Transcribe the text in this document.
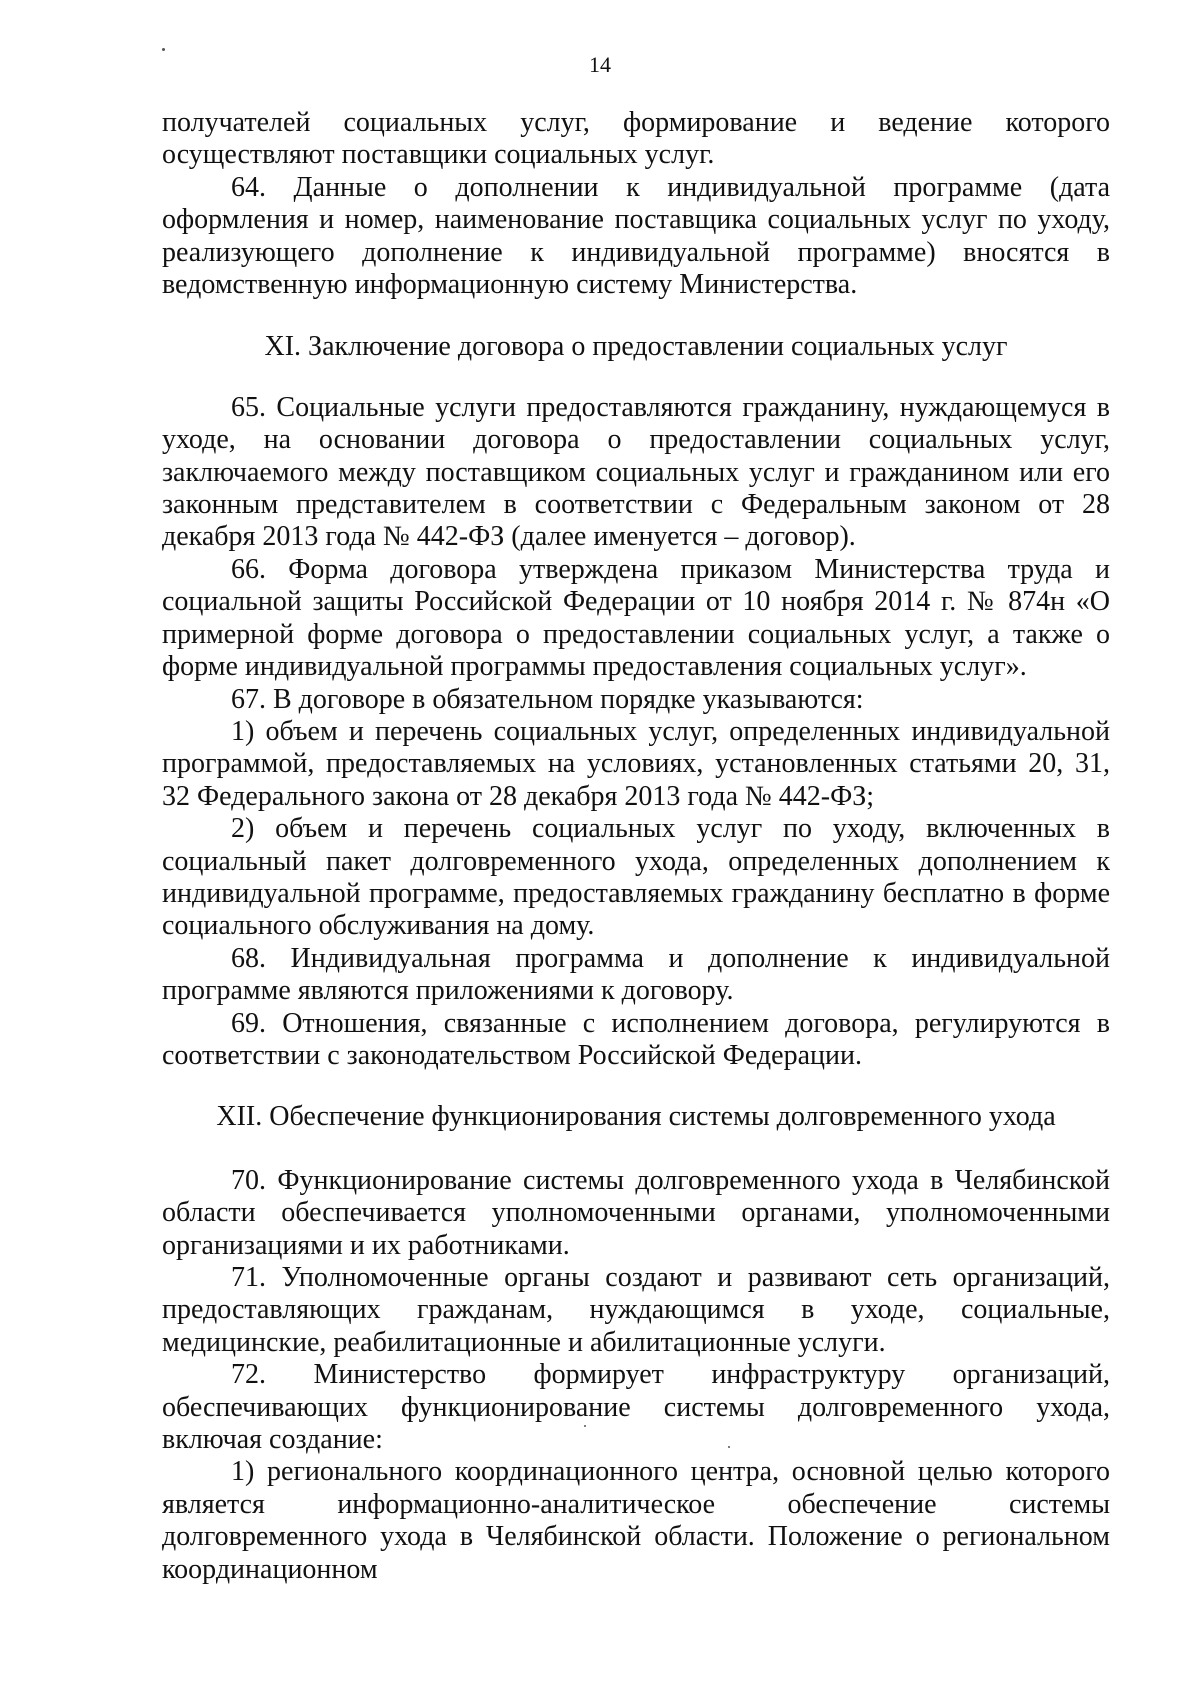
14

получателей социальных услуг, формирование и ведение которого осуществляют поставщики социальных услуг.

64. Данные о дополнении к индивидуальной программе (дата оформления и номер, наименование поставщика социальных услуг по уходу, реализующего дополнение к индивидуальной программе) вносятся в ведомственную информационную систему Министерства.

XI. Заключение договора о предоставлении социальных услуг

65. Социальные услуги предоставляются гражданину, нуждающемуся в уходе, на основании договора о предоставлении социальных услуг, заключаемого между поставщиком социальных услуг и гражданином или его законным представителем в соответствии с Федеральным законом от 28 декабря 2013 года № 442-ФЗ (далее именуется – договор).

66. Форма договора утверждена приказом Министерства труда и социальной защиты Российской Федерации от 10 ноября 2014 г. № 874н «О примерной форме договора о предоставлении социальных услуг, а также о форме индивидуальной программы предоставления социальных услуг».

67. В договоре в обязательном порядке указываются:

1) объем и перечень социальных услуг, определенных индивидуальной программой, предоставляемых на условиях, установленных статьями 20, 31, 32 Федерального закона от 28 декабря 2013 года № 442-ФЗ;

2) объем и перечень социальных услуг по уходу, включенных в социальный пакет долговременного ухода, определенных дополнением к индивидуальной программе, предоставляемых гражданину бесплатно в форме социального обслуживания на дому.

68. Индивидуальная программа и дополнение к индивидуальной программе являются приложениями к договору.

69. Отношения, связанные с исполнением договора, регулируются в соответствии с законодательством Российской Федерации.

XII. Обеспечение функционирования системы долговременного ухода

70. Функционирование системы долговременного ухода в Челябинской области обеспечивается уполномоченными органами, уполномоченными организациями и их работниками.

71. Уполномоченные органы создают и развивают сеть организаций, предоставляющих гражданам, нуждающимся в уходе, социальные, медицинские, реабилитационные и абилитационные услуги.

72. Министерство формирует инфраструктуру организаций, обеспечивающих функционирование системы долговременного ухода, включая создание:

1) регионального координационного центра, основной целью которого является информационно-аналитическое обеспечение системы долговременного ухода в Челябинской области. Положение о региональном координационном
